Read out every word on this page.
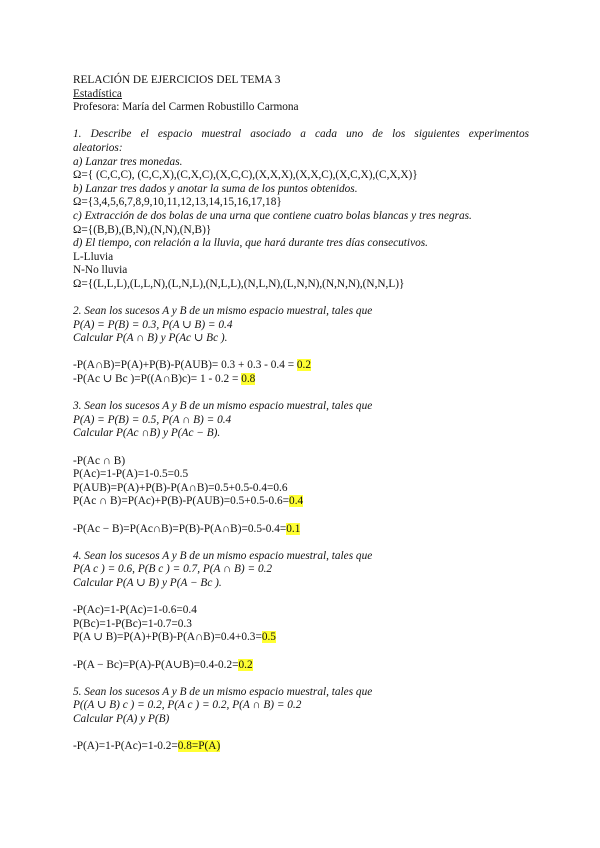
RELACIÓN DE EJERCICIOS DEL TEMA 3
Estadística
Profesora: María del Carmen Robustillo Carmona
1. Describe el espacio muestral asociado a cada uno de los siguientes experimentos
aleatorios:
a) Lanzar tres monedas.
Ω={ (C,C,C), (C,C,X),(C,X,C),(X,C,C),(X,X,X),(X,X,C),(X,C,X),(C,X,X)}
b) Lanzar tres dados y anotar la suma de los puntos obtenidos.
Ω={3,4,5,6,7,8,9,10,11,12,13,14,15,16,17,18}
c) Extracción de dos bolas de una urna que contiene cuatro bolas blancas y tres negras.
Ω={(B,B),(B,N),(N,N),(N,B)}
d) El tiempo, con relación a la lluvia, que hará durante tres días consecutivos.
L-Lluvia
N-No lluvia
Ω={(L,L,L),(L,L,N),(L,N,L),(N,L,L),(N,L,N),(L,N,N),(N,N,N),(N,N,L)}
2. Sean los sucesos A y B de un mismo espacio muestral, tales que
P(A) = P(B) = 0.3, P(A ∪ B) = 0.4
Calcular P(A ∩ B) y P(Ac ∪ Bc ).
-P(A∩B)=P(A)+P(B)-P(AUB)= 0.3 + 0.3 - 0.4 = 0.2
-P(Ac ∪ Bc )=P((A∩B)c)= 1 - 0.2 = 0.8
3. Sean los sucesos A y B de un mismo espacio muestral, tales que
P(A) = P(B) = 0.5, P(A ∩ B) = 0.4
Calcular P(Ac ∩B) y P(Ac − B).
-P(Ac ∩ B)
P(Ac)=1-P(A)=1-0.5=0.5
P(AUB)=P(A)+P(B)-P(A∩B)=0.5+0.5-0.4=0.6
P(Ac ∩ B)=P(Ac)+P(B)-P(AUB)=0.5+0.5-0.6=0.4
-P(Ac − B)=P(Ac∩B)=P(B)-P(A∩B)=0.5-0.4=0.1
4. Sean los sucesos A y B de un mismo espacio muestral, tales que
P(A c ) = 0.6, P(B c ) = 0.7, P(A ∩ B) = 0.2
Calcular P(A ∪ B) y P(A − Bc ).
-P(Ac)=1-P(Ac)=1-0.6=0.4
P(Bc)=1-P(Bc)=1-0.7=0.3
P(A ∪ B)=P(A)+P(B)-P(A∩B)=0.4+0.3=0.5
-P(A − Bc)=P(A)-P(A∪B)=0.4-0.2=0.2
5. Sean los sucesos A y B de un mismo espacio muestral, tales que
P((A ∪ B) c ) = 0.2, P(A c ) = 0.2, P(A ∩ B) = 0.2
Calcular P(A) y P(B)
-P(A)=1-P(Ac)=1-0.2=0.8=P(A)
